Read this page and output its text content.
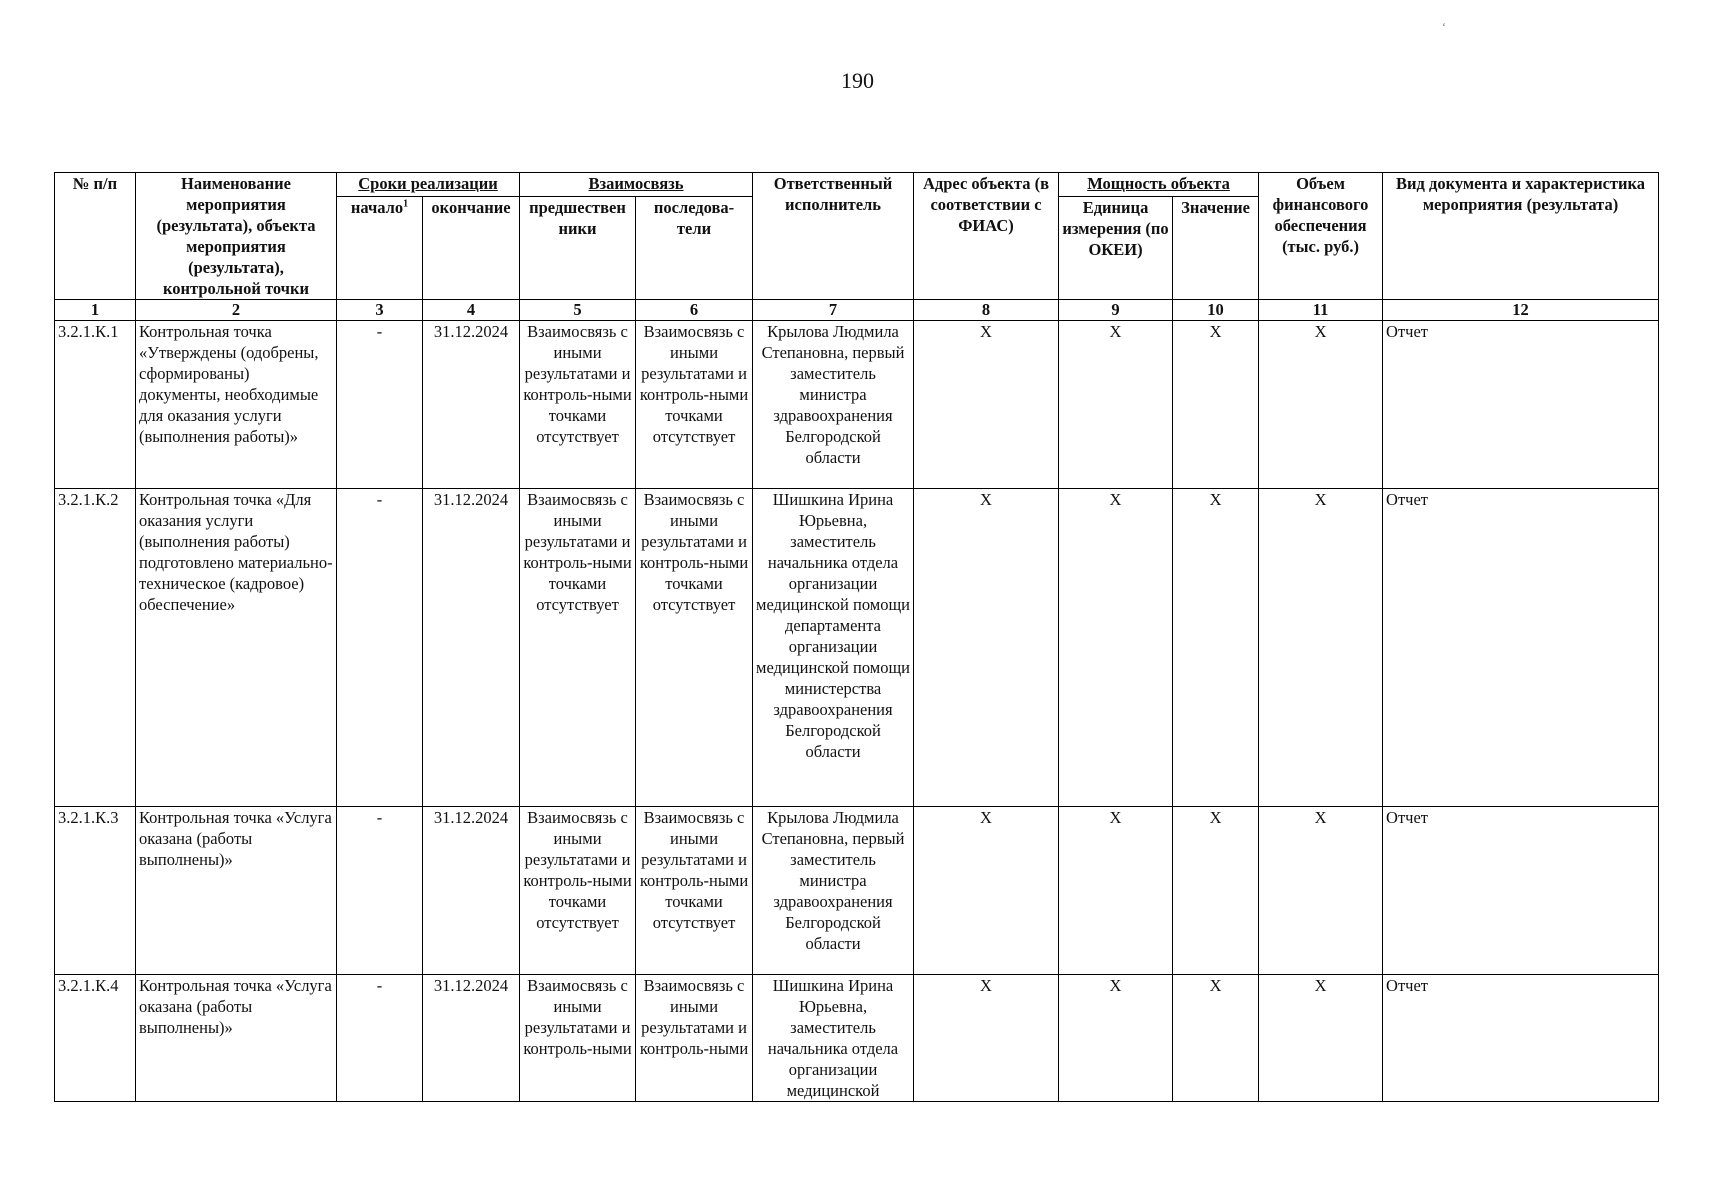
‘
190
№ п/п	Наименование мероприятия (результата), объекта мероприятия (результата), контрольной точки	Сроки реализации		Взаимосвязь		Ответственный исполнитель	Адрес объекта (в соответствии с ФИАС)	Мощность объекта		Объем финансового обеспечения (тыс. руб.)	Вид документа и характеристика мероприятия (результата)
		начало$^1$	окончание	предшествен ники	последова-тели			Единица измерения (по ОКЕИ)	Значение		
1	2	3	4	5	6	7	8	9	10	11	12
3.2.1.К.1	Контрольная точка «Утверждены (одобрены, сформированы) документы, необходимые для оказания услуги (выполнения работы)»	-	31.12.2024	Взаимосвязь с иными результатами и контроль-ными точками отсутствует	Взаимосвязь с иными результатами и контроль-ными точками отсутствует	Крылова Людмила Степановна, первый заместитель министра здравоохранения Белгородской области	Х	Х	Х	Х	Отчет
3.2.1.К.2	Контрольная точка «Для оказания услуги (выполнения работы) подготовлено материально-техническое (кадровое) обеспечение»	-	31.12.2024	Взаимосвязь с иными результатами и контроль-ными точками отсутствует	Взаимосвязь с иными результатами и контроль-ными точками отсутствует	Шишкина Ирина Юрьевна, заместитель начальника отдела организации медицинской помощи департамента организации медицинской помощи министерства здравоохранения Белгородской области	Х	Х	Х	Х	Отчет
3.2.1.К.3	Контрольная точка «Услуга оказана (работы выполнены)»	-	31.12.2024	Взаимосвязь с иными результатами и контроль-ными точками отсутствует	Взаимосвязь с иными результатами и контроль-ными точками отсутствует	Крылова Людмила Степановна, первый заместитель министра здравоохранения Белгородской области	Х	Х	Х	Х	Отчет
3.2.1.К.4	Контрольная точка «Услуга оказана (работы выполнены)»	-	31.12.2024	Взаимосвязь с иными результатами и контроль-ными	Взаимосвязь с иными результатами и контроль-ными	Шишкина Ирина Юрьевна, заместитель начальника отдела организации медицинской	Х	Х	Х	Х	Отчет
